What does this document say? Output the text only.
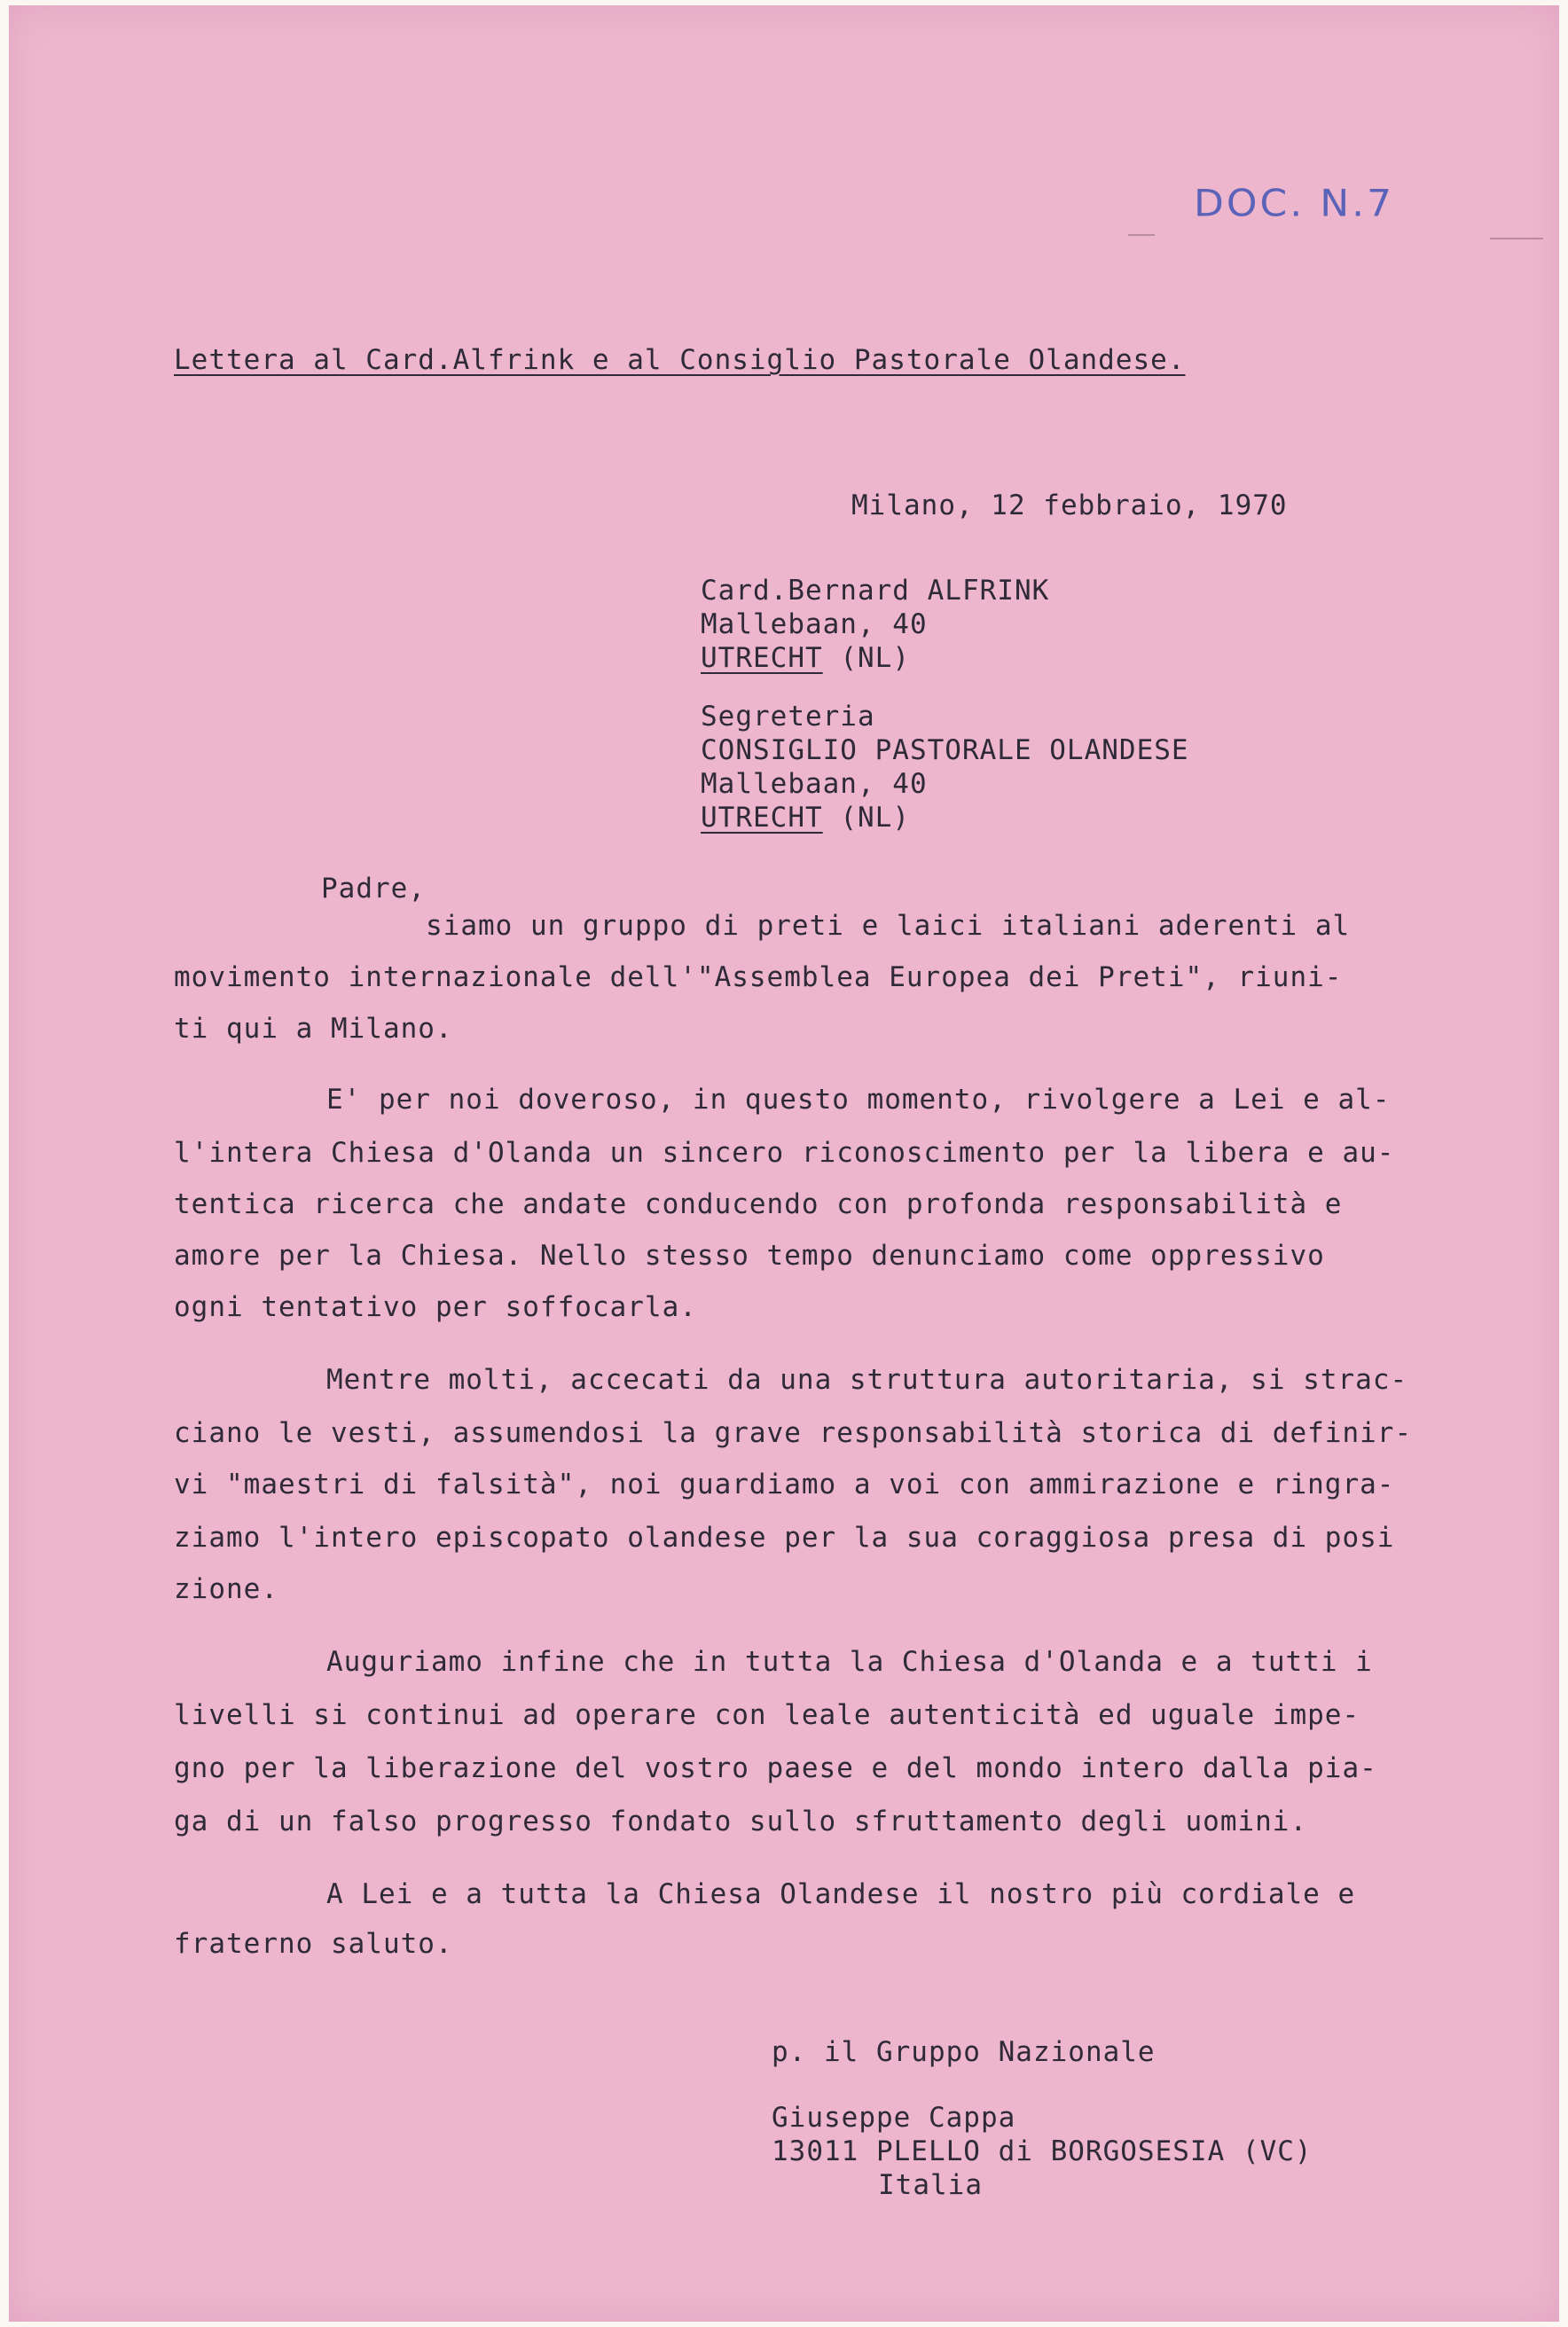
DOC. N.7
Lettera al Card.Alfrink e al Consiglio Pastorale Olandese.
Milano, 12 febbraio, 1970
Card.Bernard ALFRINK
Mallebaan, 40
UTRECHT (NL)
Segreteria
CONSIGLIO PASTORALE OLANDESE
Mallebaan, 40
UTRECHT (NL)
Padre,
siamo un gruppo di preti e laici italiani aderenti al
movimento internazionale dell'"Assemblea Europea dei Preti", riuni-
ti qui a Milano.
E' per noi doveroso, in questo momento, rivolgere a Lei e al-
l'intera Chiesa d'Olanda un sincero riconoscimento per la libera e au-
tentica ricerca che andate conducendo con profonda responsabilità e
amore per la Chiesa. Nello stesso tempo denunciamo come oppressivo
ogni tentativo per soffocarla.
Mentre molti, accecati da una struttura autoritaria, si strac-
ciano le vesti, assumendosi la grave responsabilità storica di definir-
vi "maestri di falsità", noi guardiamo a voi con ammirazione e ringra-
ziamo l'intero episcopato olandese per la sua coraggiosa presa di posi
zione.
Auguriamo infine che in tutta la Chiesa d'Olanda e a tutti i
livelli si continui ad operare con leale autenticità ed uguale impe-
gno per la liberazione del vostro paese e del mondo intero dalla pia-
ga di un falso progresso fondato sullo sfruttamento degli uomini.
A Lei e a tutta la Chiesa Olandese il nostro più cordiale e
fraterno saluto.
p. il Gruppo Nazionale
Giuseppe Cappa
13011 PLELLO di BORGOSESIA (VC)
Italia
